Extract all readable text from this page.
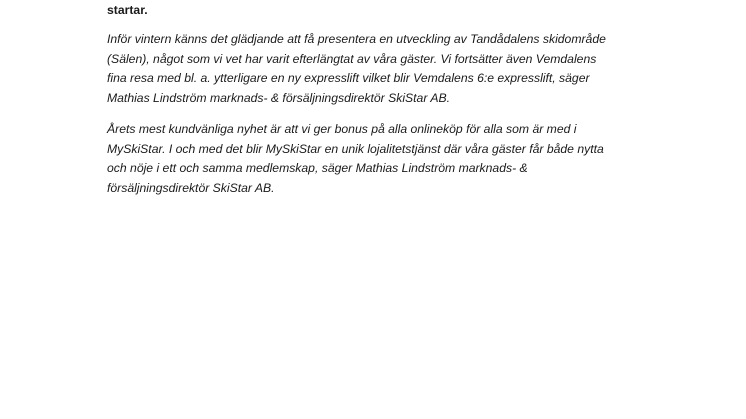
startar.

Inför vintern känns det glädjande att få presentera en utveckling av Tandådalens skidområde
(Sälen), något som vi vet har varit efterlängtat av våra gäster. Vi fortsätter även Vemdalens
fina resa med bl. a. ytterligare en ny expresslift vilket blir Vemdalens 6:e expresslift, säger
Mathias Lindström marknads- & försäljningsdirektör SkiStar AB.

Årets mest kundvänliga nyhet är att vi ger bonus på alla onlineköp för alla som är med i
MySkiStar. I och med det blir MySkiStar en unik lojalitetstjänst där våra gäster får både nytta
och nöje i ett och samma medlemskap, säger Mathias Lindström marknads- &
försäljningsdirektör SkiStar AB.
